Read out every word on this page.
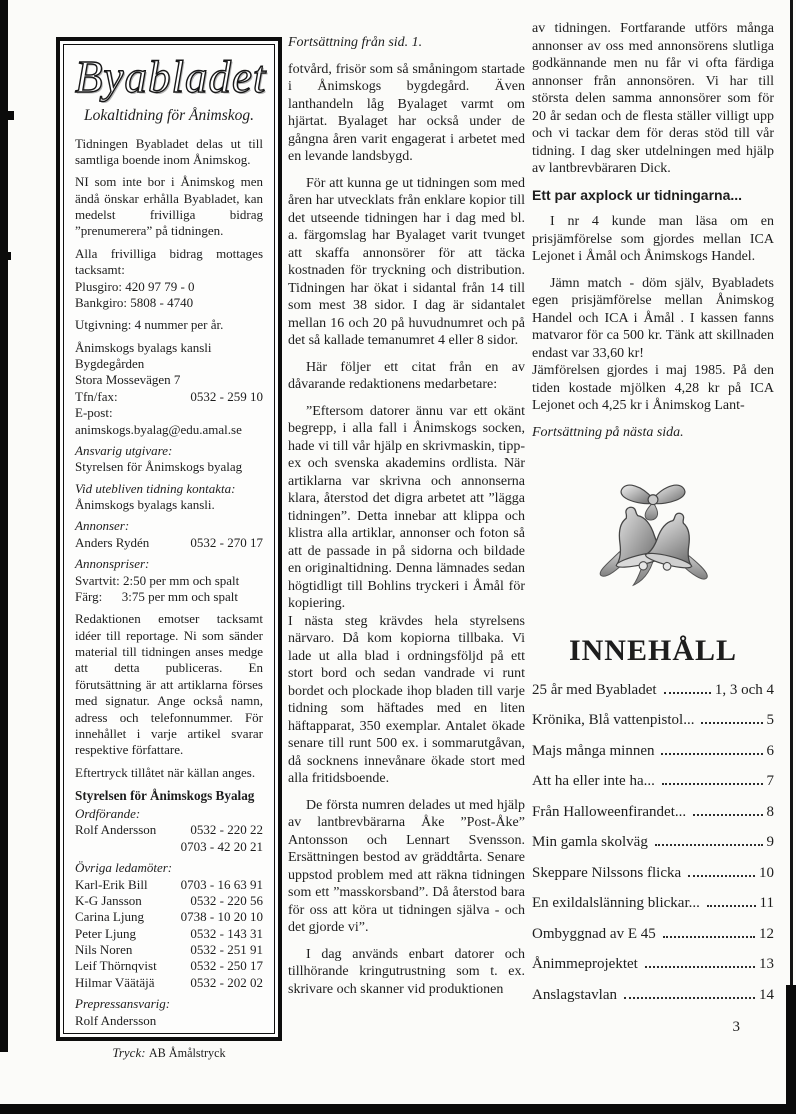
Byabladet
Lokaltidning för Ånimskog.

Tidningen Byabladet delas ut till samtliga boende inom Ånimskog.

NI som inte bor i Ånimskog men ändå önskar erhålla Byabladet, kan medelst frivilliga bidrag ”prenumerera” på tidningen.

Alla frivilliga bidrag mottages tacksamt:

Plusgiro: 420 97 79 - 0

Bankgiro: 5808 - 4740

Utgivning: 4 nummer per år.

Ånimskogs byalags kansli

Bygdegården

Stora Mossevägen 7

Tfn/fax:	0532 - 259 10

E-post:

animskogs.byalag@edu.amal.se

Ansvarig utgivare:

Styrelsen för Ånimskogs byalag

Vid utebliven tidning kontakta:

Ånimskogs byalags kansli.

Annonser:

Anders Rydén	0532 - 270 17

Annonspriser:

Svartvit: 2:50 per mm och spalt

Färg:      3:75 per mm och spalt

Redaktionen emotser tacksamt idéer till reportage. Ni som sänder material till tidningen anses medge att detta publiceras. En förutsättning är att artiklarna förses med signatur. Ange också namn, adress och telefonnummer. För innehållet i varje artikel svarar respektive författare.

Eftertryck tillåtet när källan anges.

Styrelsen för Ånimskogs Byalag

Ordförande:

Rolf Andersson	0532 - 220 22
0703 - 42 20 21

Övriga ledamöter:

Karl-Erik Bill	0703 - 16 63 91
K-G Jansson	0532 - 220 56
Carina Ljung	0738 - 10 20 10
Peter Ljung	0532 - 143 31
Nils Noren	0532 - 251 91
Leif Thörnqvist	0532 - 250 17
Hilmar Väätäjä	0532 - 202 02

Prepressansvarig:

Rolf Andersson

Tryck: AB Åmålstryck

Fortsättning från sid. 1.

fotvård, frisör som så småningom startade i Ånimskogs bygdegård. Även lanthandeln låg Byalaget varmt om hjärtat. Byalaget har också under de gångna åren varit engagerat i arbetet med en levande landsbygd.

För att kunna ge ut tidningen som med åren har utvecklats från enklare kopior till det utseende tidningen har i dag med bl. a. färgomslag har Byalaget varit tvunget att skaffa annonsörer för att täcka kostnaden för tryckning och distribution. Tidningen har ökat i sidantal från 14 till som mest 38 sidor. I dag är sidantalet mellan 16 och 20 på huvudnumret och på det så kallade temanumret 4 eller 8 sidor.

Här följer ett citat från en av dåvarande redaktionens medarbetare:

”Eftersom datorer ännu var ett okänt begrepp, i alla fall i Ånimskogs socken, hade vi till vår hjälp en skrivmaskin, tipp-ex och svenska akademins ordlista. När artiklarna var skrivna och annonserna klara, återstod det digra arbetet att ”lägga tidningen”. Detta innebar att klippa och klistra alla artiklar, annonser och foton så att de passade in på sidorna och bildade en originaltidning. Denna lämnades sedan högtidligt till Bohlins tryckeri i Åmål för kopiering.

I nästa steg krävdes hela styrelsens närvaro. Då kom kopiorna tillbaka. Vi lade ut alla blad i ordningsföljd på ett stort bord och sedan vandrade vi runt bordet och plockade ihop bladen till varje tidning som häftades med en liten häftapparat, 350 exemplar. Antalet ökade senare till runt 500 ex. i sommarutgåvan, då socknens innevånare ökade stort med alla fritidsboende.

De första numren delades ut med hjälp av lantbrevbärarna Åke ”Post-Åke” Antonsson och Lennart Svensson. Ersättningen bestod av gräddtårta. Senare uppstod problem med att räkna tidningen som ett ”masskorsband”. Då återstod bara för oss att köra ut tidningen själva - och det gjorde vi”.

I dag används enbart datorer och tillhörande kringutrustning som t. ex. skrivare och skanner vid produktionen

av tidningen. Fortfarande utförs många annonser av oss med annonsörens slutliga godkännande men nu får vi ofta färdiga annonser från annonsören. Vi har till största delen samma annonsörer som för 20 år sedan och de flesta ställer villigt upp och vi tackar dem för deras stöd till vår tidning. I dag sker utdelningen med hjälp av lantbrevbäraren Dick.

Ett par axplock ur tidningarna...

I nr 4 kunde man läsa om en prisjämförelse som gjordes mellan ICA Lejonet i Åmål och Ånimskogs Handel.

Jämn match - döm själv, Byabladets egen prisjämförelse mellan Ånimskog Handel och ICA i Åmål . I kassen fanns matvaror för ca 500 kr. Tänk att skillnaden endast var 33,60 kr!

Jämförelsen gjordes i maj 1985. På den tiden kostade mjölken 4,28 kr på ICA Lejonet och 4,25 kr i Ånimskog Lant-

Fortsättning på nästa sida.

INNEHÅLL
25 år med Byabladet	1, 3 och 4
Krönika, Blå vattenpistol...	5
Majs många minnen	6
Att ha eller inte ha...	7
Från Halloweenfirandet...	8
Min gamla skolväg	9
Skeppare Nilssons flicka	10
En exildalslänning blickar...	11
Ombyggnad av E 45	12
Ånimmeprojektet	13
Anslagstavlan	14
3
